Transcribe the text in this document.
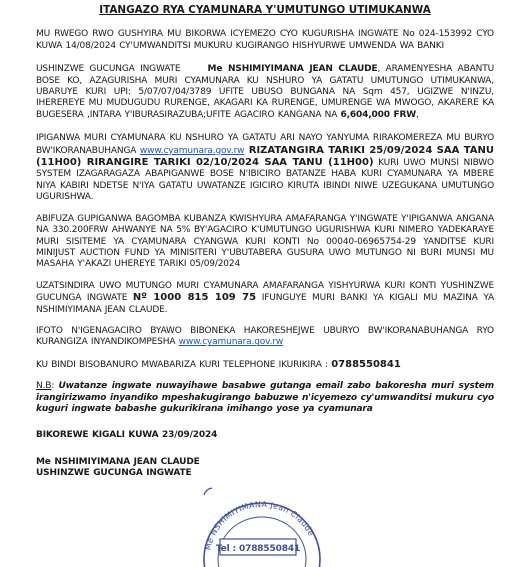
ITANGAZO RYA CYAMUNARA Y'UMUTUNGO UTIMUKANWA

MU RWEGO RWO GUSHYIRA MU BIKORWA ICYEMEZO CYO KUGURISHA INGWATE No 024-153992 CYO KUWA 14/08/2024 CY'UMWANDITSI MUKURU KUGIRANGO HISHYURWE UMWENDA WA BANKI

USHINZWE GUCUNGA INGWATE	Me NSHIMIYIMANA JEAN CLAUDE, ARAMENYESHA ABANTU BOSE KO, AZAGURISHA MURI CYAMUNARA KU NSHURO YA GATATU UMUTUNGO UTIMUKANWA, UBARUYE KURI UPI: 5/07/07/04/3789 UFITE UBUSO BUNGANA NA Sqm 457, UGIZWE N'INZU, IHEREREYE MU MUDUGUDU RURENGE, AKAGARI KA RURENGE, UMURENGE WA MWOGO, AKARERE KA BUGESERA ,INTARA Y'IBURASIRAZUBA;UFITE AGACIRO KANGANA NA 6,604,000 FRW,

IPIGANWA MURI CYAMUNARA KU NSHURO YA GATATU ARI NAYO YANYUMA RIRAKOMEREZA MU BURYO BW'IKORANABUHANGA www.cyamunara.gov.rw RIZATANGIRA TARIKI 25/09/2024 SAA TANU (11H00) RIRANGIRE TARIKI 02/10/2024 SAA TANU (11H00) KURI UWO MUNSI NIBWO SYSTEM IZAGARAGAZA ABAPIGANWE BOSE N'IBICIRO BATANZE HABA KURI CYAMUNARA YA MBERE NIYA KABIRI NDETSE N'IYA GATATU UWATANZE IGICIRO KIRUTA IBINDI NIWE UZEGUKANA UMUTUNGO UGURISHWA.

ABIFUZA GUPIGANWA BAGOMBA KUBANZA KWISHYURA AMAFARANGA Y'INGWATE Y'IPIGANWA ANGANA NA 330.200FRW AHWANYE NA 5% BY'AGACIRO K'UMUTUNGO UGURISHWA KURI NIMERO YADEKARAYE MURI SISITEME YA CYAMUNARA CYANGWA KURI KONTI No 00040-06965754-29 YANDITSE KURI MINIJUST AUCTION FUND YA MINISITERI Y'UBUTABERA GUSURA UWO MUTUNGO NI BURI MUNSI MU MASAHA Y'AKAZI UHEREYE TARIKI 05/09/2024

UZATSINDIRA UWO MUTUNGO MURI CYAMUNARA AMAFARANGA YISHYURWA KURI KONTI YUSHINZWE GUCUNGA INGWATE Nº 1000 815 109 75 IFUNGUYE MURI BANKI YA KIGALI MU MAZINA YA NSHIMIYIMANA JEAN CLAUDE.

IFOTO N'IGENAGACIRO BYAWO BIBONEKA HAKORESHEJWE UBURYO BW'IKORANABUHANGA RYO KURANGIZA INYANDIKOMPESHA www.cyamunara.gov.rw

KU BINDI BISOBANURO MWABARIZA KURI TELEPHONE IKURIKIRA : 0788550841

N.B: Uwatanze ingwate nuwayihawe basabwe gutanga email zabo bakoresha muri system irangirizwamo inyandiko mpeshakugirango babuzwe n'icyemezo cy'umwanditsi mukuru cyo kuguri ingwate babashe gukurikirana imihango yose ya cyamunara

BIKOREWE KIGALI KUWA 23/09/2024

Me NSHIMIYIMANA JEAN CLAUDE

USHINZWE GUCUNGA INGWATE

Me NSHIMIYIMANA Jean Claude
Tel : 0788550841
